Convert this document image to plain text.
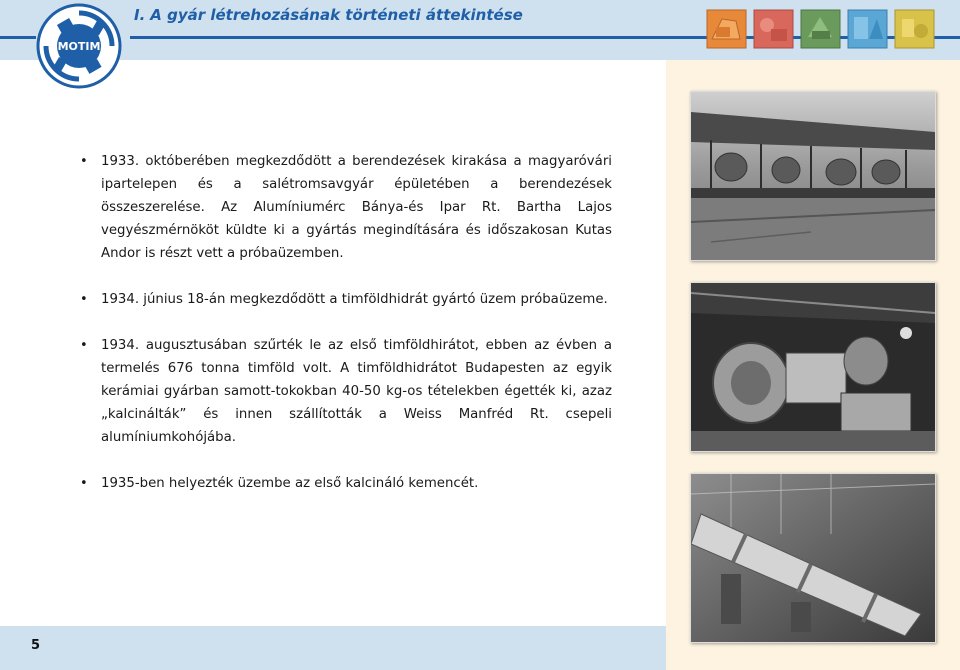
MOTIM
I. A gyár létrehozásának történeti áttekintése
• 1933. októberében megkezdődött a berendezések kirakása a magyaróvári ipartelepen és a salétromsavgyár épületében a berendezések összeszerelése. Az Alumíniumérc Bánya-és Ipar Rt. Bartha Lajos vegyészmérnököt küldte ki a gyártás megindítására és időszakosan Kutas Andor is részt vett a próbaüzemben.
• 1934. június 18-án megkezdődött a timföldhidrát gyártó üzem próbaüzeme.
• 1934. augusztusában szűrték le az első timföldhirátot, ebben az évben a termelés 676 tonna timföld volt. A timföldhidrátot Budapesten az egyik kerámiai gyárban samott-tokokban 40-50 kg-os tételekben égették ki, azaz „kalcinálták” és innen szállították a Weiss Manfréd Rt. csepeli alumíniumkohójába.
• 1935-ben helyezték üzembe az első kalcináló kemencét.
5
